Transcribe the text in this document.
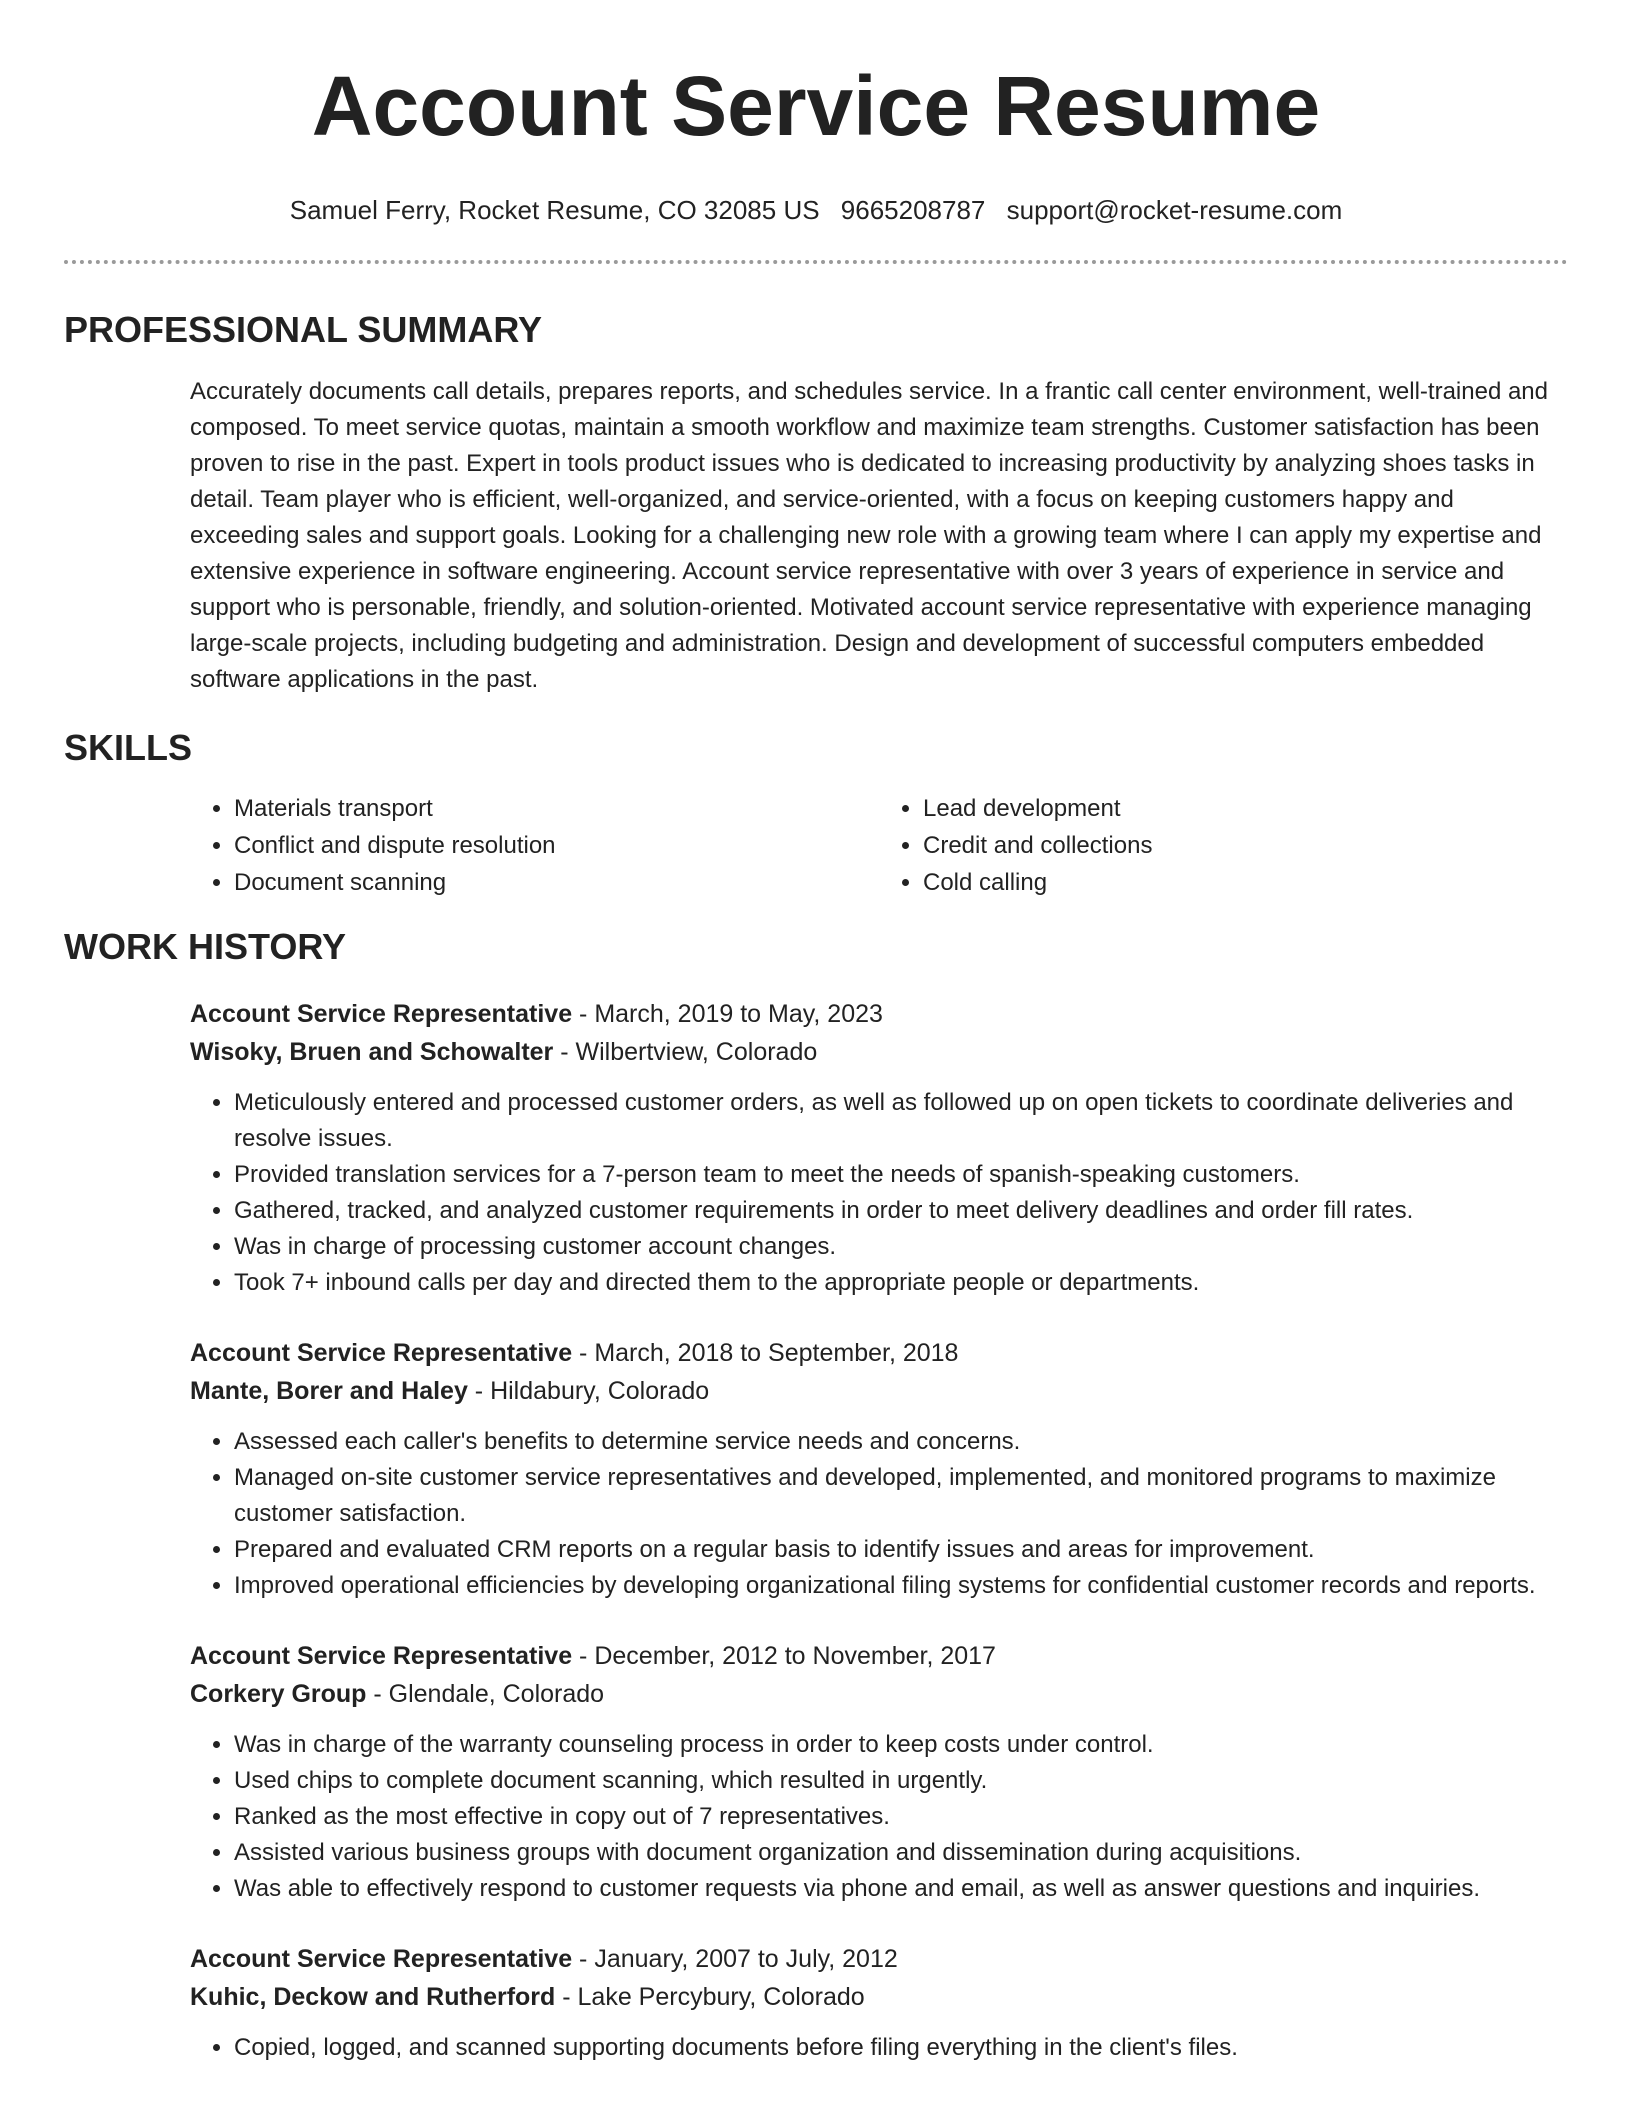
Account Service Resume
Samuel Ferry, Rocket Resume, CO 32085 US 9665208787 support@rocket-resume.com
PROFESSIONAL SUMMARY

Accurately documents call details, prepares reports, and schedules service. In a frantic call center environment, well-trained and composed. To meet service quotas, maintain a smooth workflow and maximize team strengths. Customer satisfaction has been proven to rise in the past. Expert in tools product issues who is dedicated to increasing productivity by analyzing shoes tasks in detail. Team player who is efficient, well-organized, and service-oriented, with a focus on keeping customers happy and exceeding sales and support goals. Looking for a challenging new role with a growing team where I can apply my expertise and extensive experience in software engineering. Account service representative with over 3 years of experience in service and support who is personable, friendly, and solution-oriented. Motivated account service representative with experience managing large-scale projects, including budgeting and administration. Design and development of successful computers embedded software applications in the past.

SKILLS
• Materials transport
• Conflict and dispute resolution
• Document scanning
• Lead development
• Credit and collections
• Cold calling
WORK HISTORY
Account Service Representative - March, 2019 to May, 2023
Wisoky, Bruen and Schowalter - Wilbertview, Colorado
• Meticulously entered and processed customer orders, as well as followed up on open tickets to coordinate deliveries and resolve issues.
• Provided translation services for a 7-person team to meet the needs of spanish-speaking customers.
• Gathered, tracked, and analyzed customer requirements in order to meet delivery deadlines and order fill rates.
• Was in charge of processing customer account changes.
• Took 7+ inbound calls per day and directed them to the appropriate people or departments.
Account Service Representative - March, 2018 to September, 2018
Mante, Borer and Haley - Hildabury, Colorado
• Assessed each caller's benefits to determine service needs and concerns.
• Managed on-site customer service representatives and developed, implemented, and monitored programs to maximize customer satisfaction.
• Prepared and evaluated CRM reports on a regular basis to identify issues and areas for improvement.
• Improved operational efficiencies by developing organizational filing systems for confidential customer records and reports.
Account Service Representative - December, 2012 to November, 2017
Corkery Group - Glendale, Colorado
• Was in charge of the warranty counseling process in order to keep costs under control.
• Used chips to complete document scanning, which resulted in urgently.
• Ranked as the most effective in copy out of 7 representatives.
• Assisted various business groups with document organization and dissemination during acquisitions.
• Was able to effectively respond to customer requests via phone and email, as well as answer questions and inquiries.
Account Service Representative - January, 2007 to July, 2012
Kuhic, Deckow and Rutherford - Lake Percybury, Colorado
• Copied, logged, and scanned supporting documents before filing everything in the client's files.
